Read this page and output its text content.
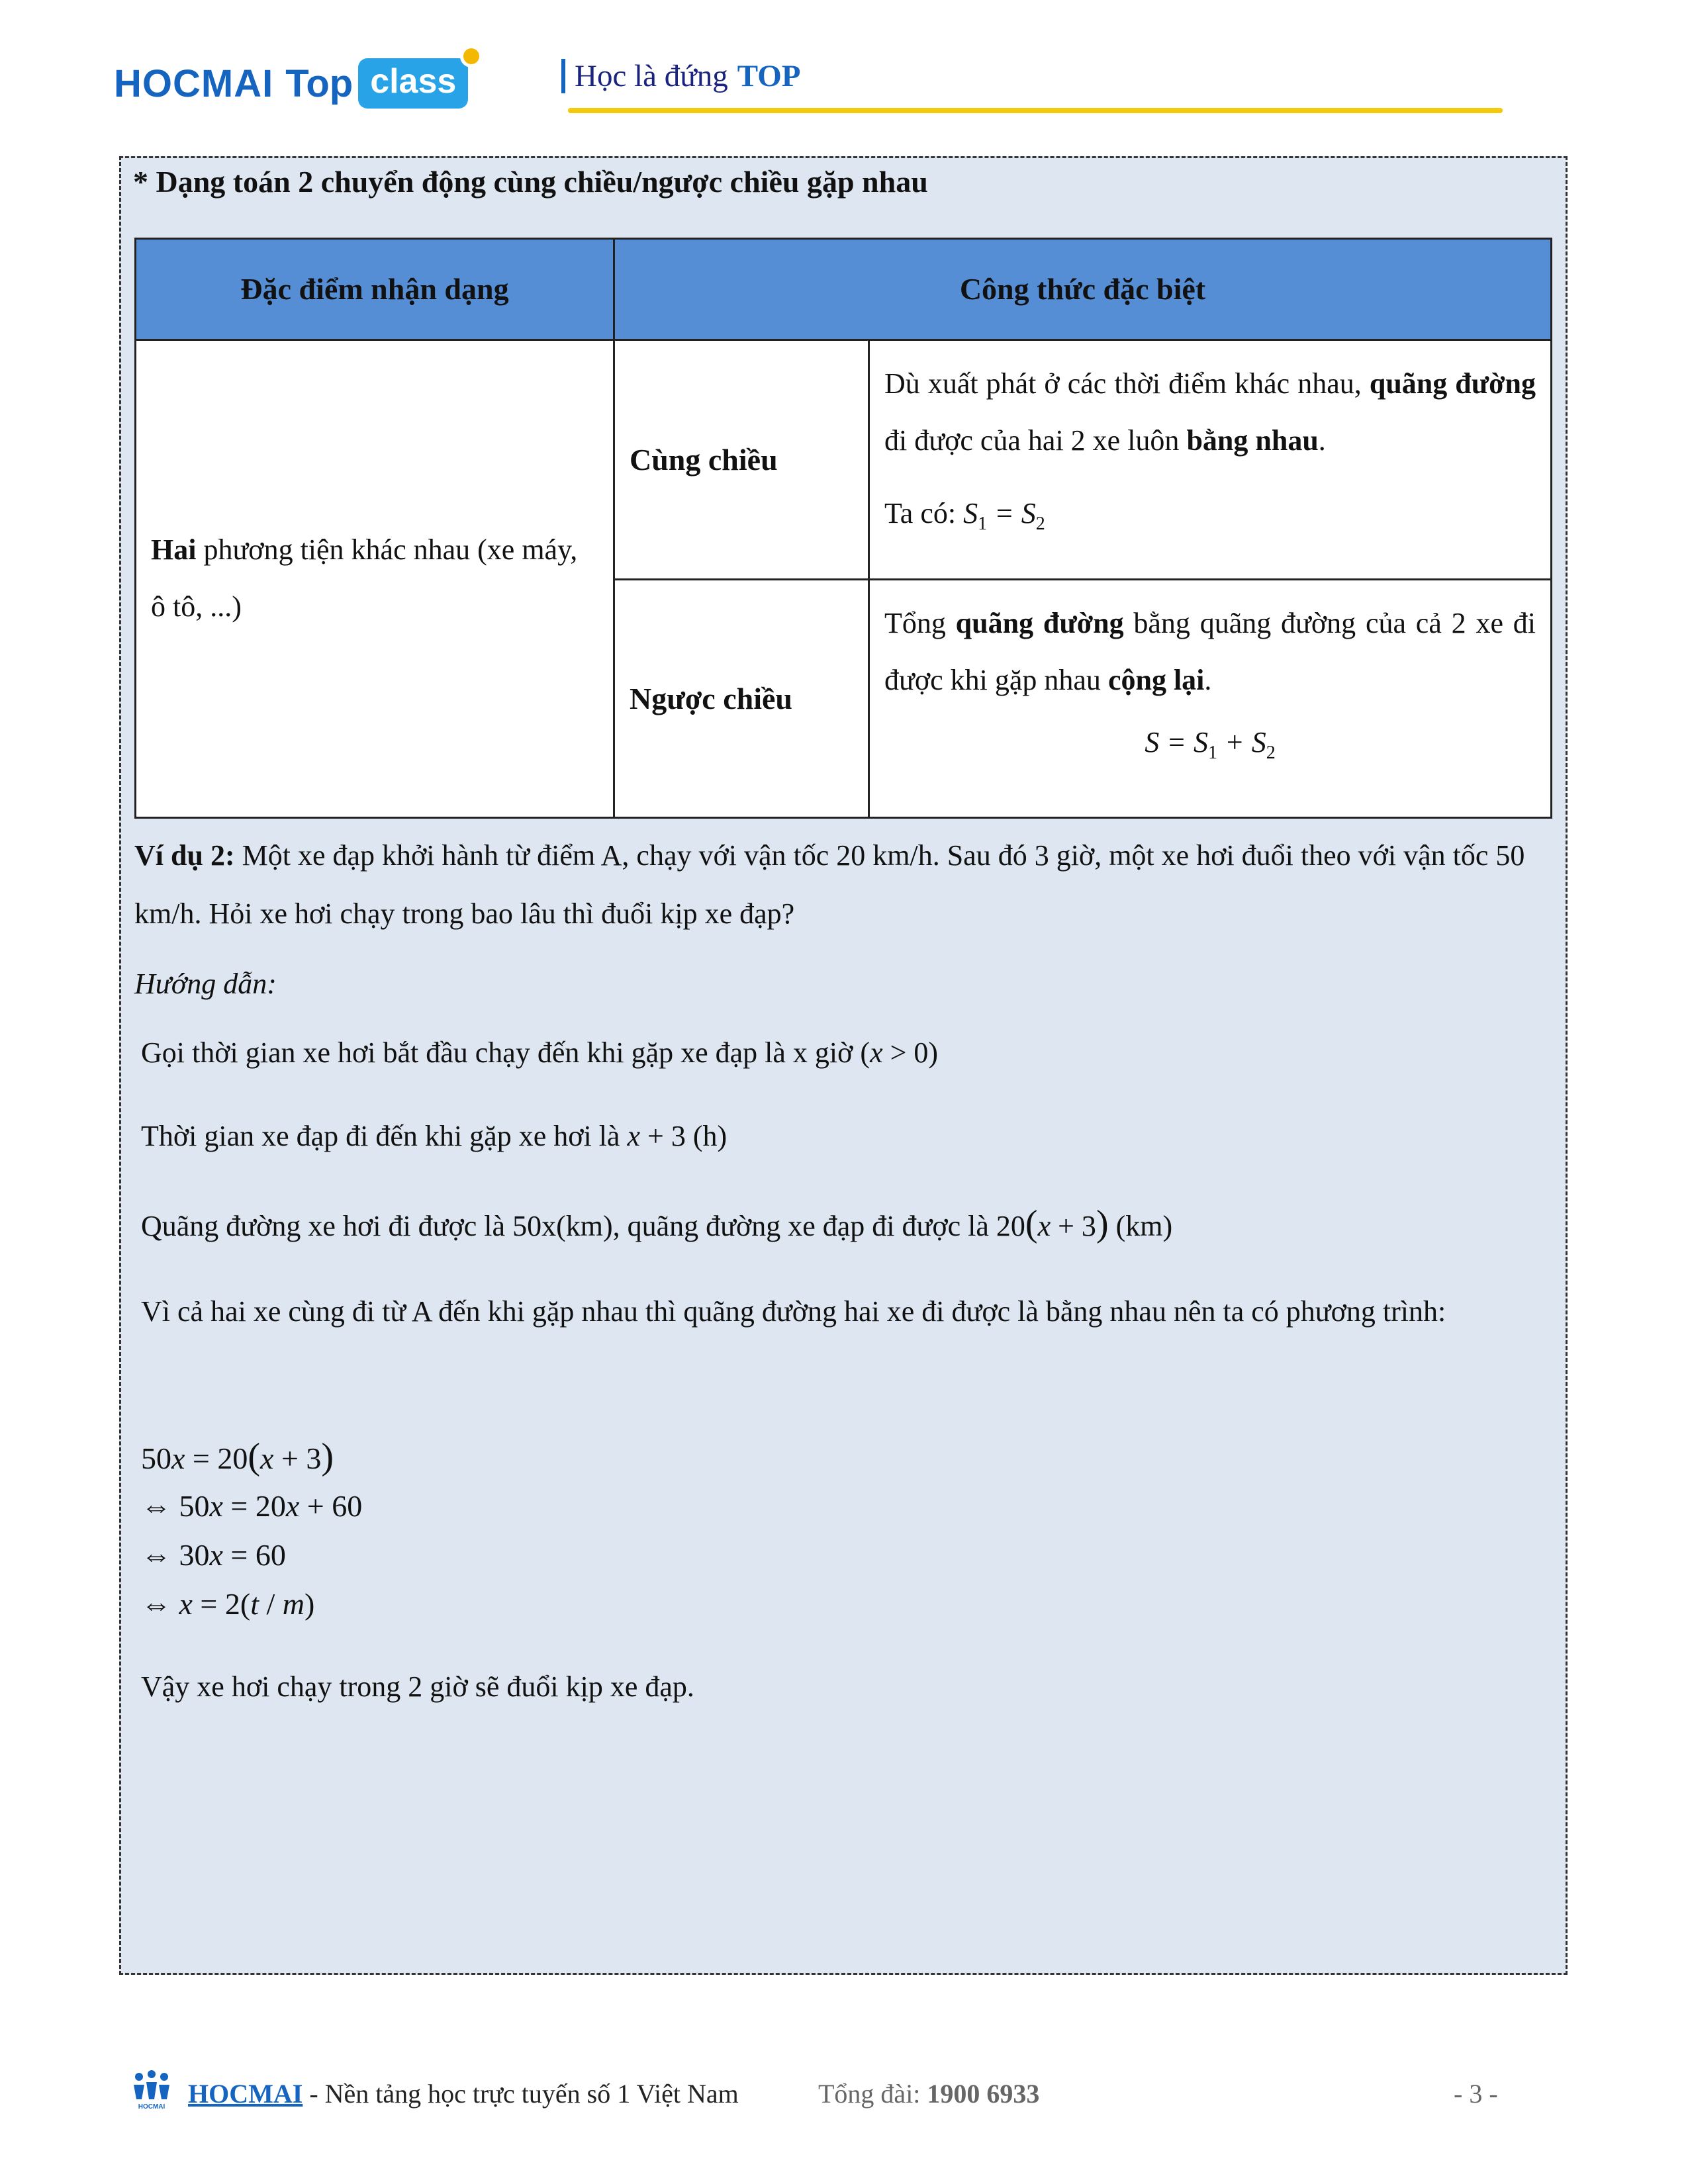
HOCMAI Top class	Học là đứng TOP
* Dạng toán 2 chuyển động cùng chiều/ngược chiều gặp nhau
Đặc điểm nhận dạng	Công thức đặc biệt	
Hai phương tiện khác nhau (xe máy, ô tô, ...)	Cùng chiều	Dù xuất phát ở các thời điểm khác nhau, quãng đường đi được của hai 2 xe luôn bằng nhau.
Ta có: $S_1 = S_2$

	Ngược chiều	Tổng quãng đường bằng quãng đường của cả 2 xe đi được khi gặp nhau cộng lại.
$S = S_1 + S_2$
Ví dụ 2: Một xe đạp khởi hành từ điểm A, chạy với vận tốc 20 km/h. Sau đó 3 giờ, một xe hơi đuổi theo với vận tốc 50 km/h. Hỏi xe hơi chạy trong bao lâu thì đuổi kịp xe đạp?
Hướng dẫn:
Gọi thời gian xe hơi bắt đầu chạy đến khi gặp xe đạp là x giờ (x > 0)
Thời gian xe đạp đi đến khi gặp xe hơi là x + 3 (h)
Quãng đường xe hơi đi được là 50x(km), quãng đường xe đạp đi được là 20(x + 3) (km)
Vì cả hai xe cùng đi từ A đến khi gặp nhau thì quãng đường hai xe đi được là bằng nhau nên ta có phương trình:
50x = 20(x + 3)
⇔ 50x = 20x + 60
⇔ 30x = 60
⇔ x = 2(t / m)
Vậy xe hơi chạy trong 2 giờ sẽ đuổi kịp xe đạp.
HOCMAI HOCMAI - Nền tảng học trực tuyến số 1 Việt Nam	Tổng đài: 1900 6933	- 3 -
